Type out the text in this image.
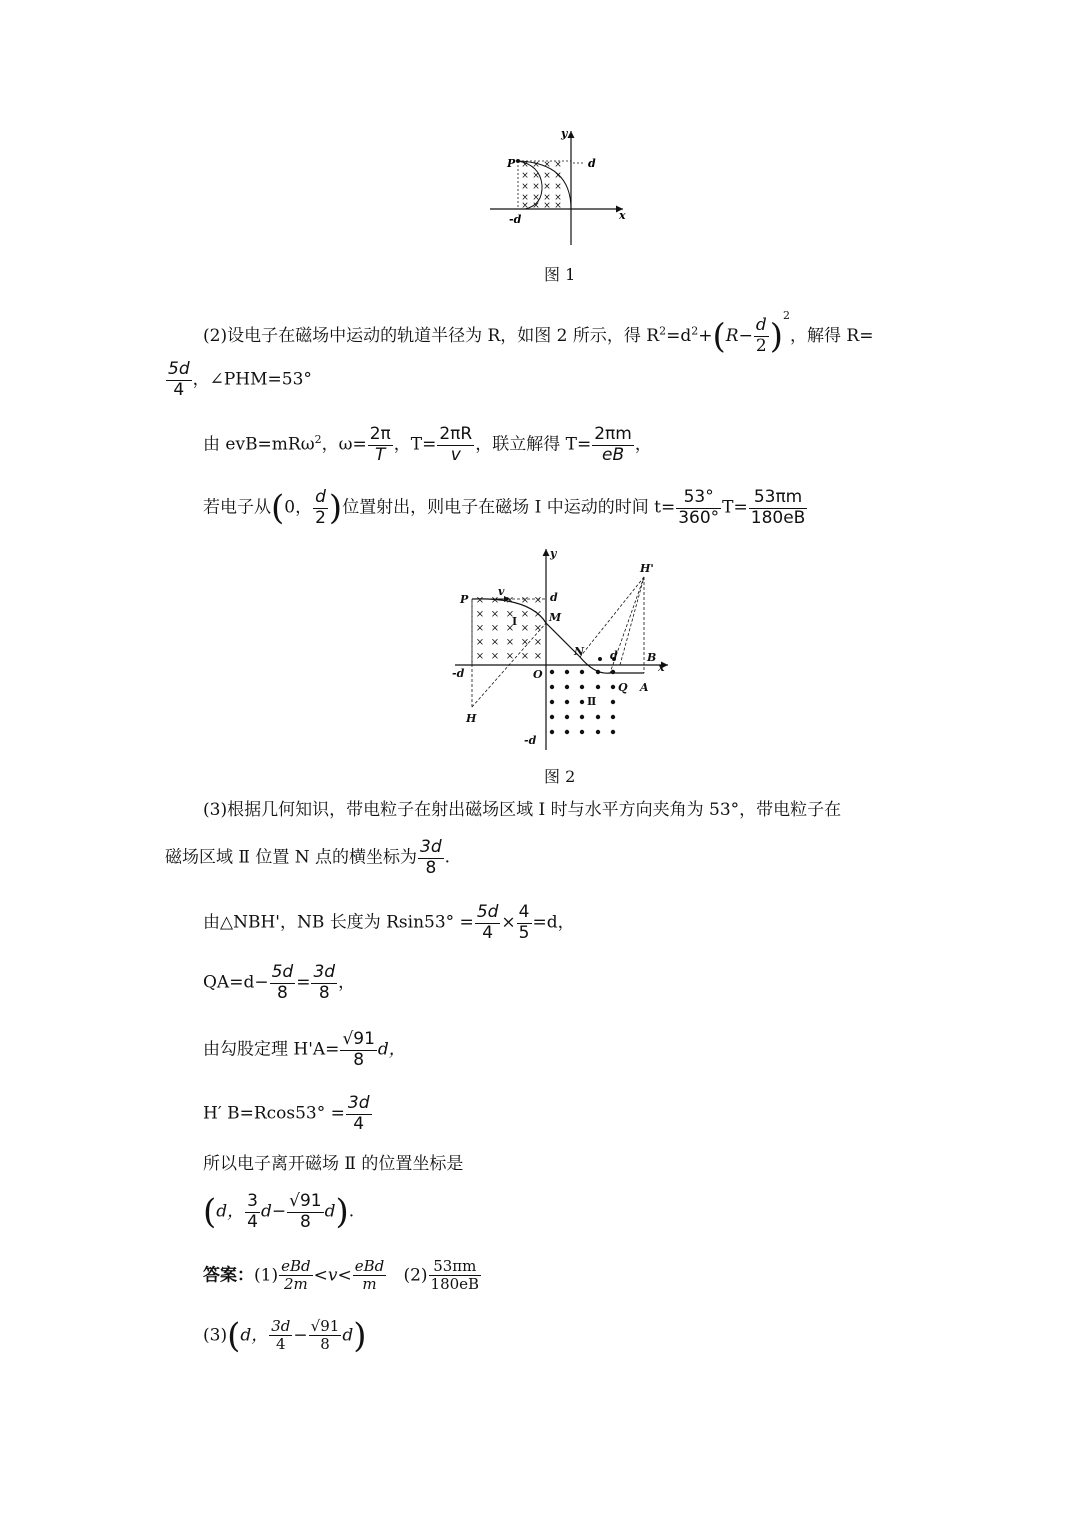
× × × ×
× × × ×
× × × ×
× × × ×
× × × ×
y
x
P	d
-d
图 1
(2)设电子在磁场中运动的轨道半径为 R，如图 2 所示，得 $R^2=d^2+(R- \frac{d}{2} )^2$，解得 R=
$\frac{5d}{4}$ ，∠PHM=53°
由 evB=mRω$^2$，$\omega= \frac{2\pi}{T}$ ，$T= \frac{2\pi R}{v}$ ，联立解得 $T= \frac{2\pi m}{eB}$ ，
若电子从(0， $\frac{d}{2}$ )位置射出，则电子在磁场 Ⅰ 中运动的时间 $t= \frac{53^\circ}{360^\circ} T= \frac{53\pi m}{180eB}$
× × × × ×
× × × × ×
× × × × ×
× × × × ×
× × × × ×
y
x
P
v	d
M
Ⅰ
H'
N d	B
-d	O
Q A
H
Ⅱ
-d
图 2
(3)根据几何知识，带电粒子在射出磁场区域 Ⅰ 时与水平方向夹角为 53°，带电粒子在
磁场区域 Ⅱ 位置 N 点的横坐标为 $\frac{3d}{8}$ .
由△NBH'，NB 长度为 $Rsin53^\circ = \frac{5d}{4} \times \frac{4}{5} =d$，
$QA=d- \frac{5d}{8} = \frac{3d}{8}$ ，
由勾股定理 $H'A= \frac{√91}{8}$ d，
H′ $B=Rcos53^\circ = \frac{3d}{4}$
所以电子离开磁场 Ⅱ 的位置坐标是
(d， $\frac{3}{4} d- \frac{√91}{8} d$).
答案：$(1) \frac{\text{eBd}}{2m} <v< \frac{\text{eBd}}{m} (2) \frac{53\pi m}{180eB}$
(3)(d， $\frac{3d}{4} - \frac{√91}{8} d$)
